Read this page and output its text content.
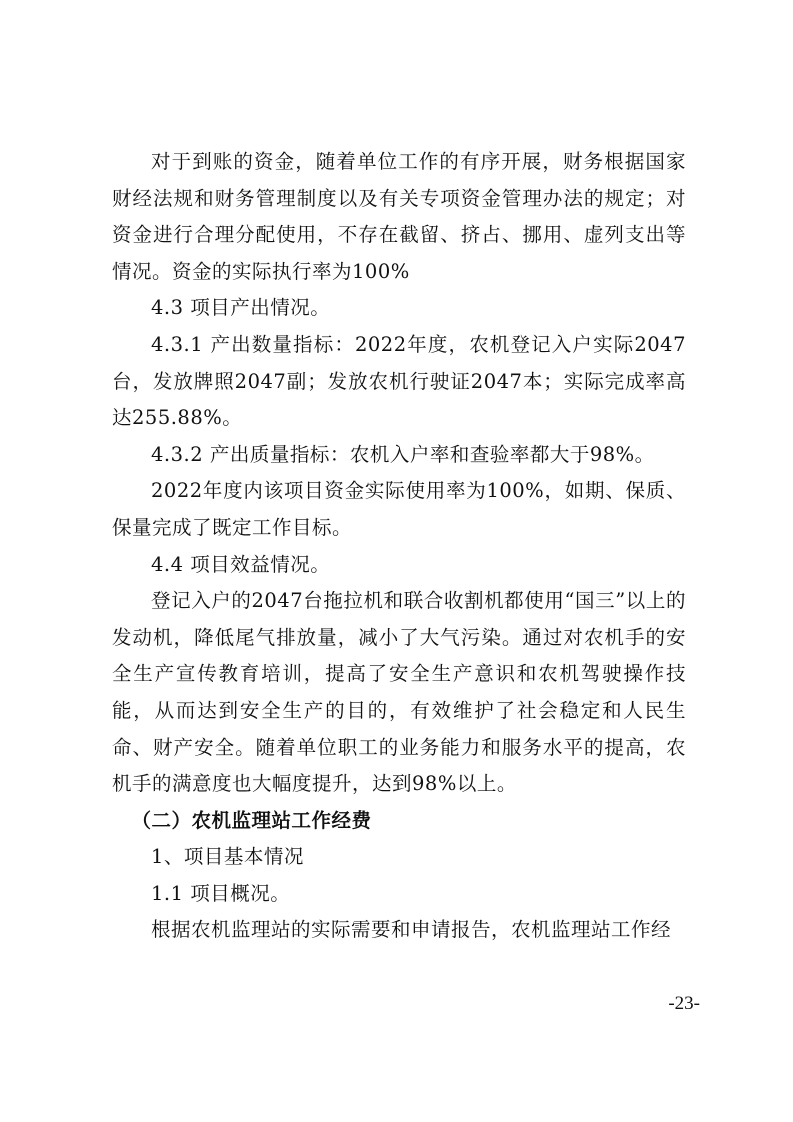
对于到账的资金，随着单位工作的有序开展，财务根据国家财经法规和财务管理制度以及有关专项资金管理办法的规定；对资金进行合理分配使用，不存在截留、挤占、挪用、虚列支出等情况。资金的实际执行率为100%

4.3 项目产出情况。

4.3.1 产出数量指标：2022年度，农机登记入户实际2047台，发放牌照2047副；发放农机行驶证2047本；实际完成率高达255.88%。

4.3.2 产出质量指标：农机入户率和查验率都大于98%。

2022年度内该项目资金实际使用率为100%，如期、保质、保量完成了既定工作目标。

4.4 项目效益情况。

登记入户的2047台拖拉机和联合收割机都使用“国三”以上的发动机，降低尾气排放量，减小了大气污染。通过对农机手的安全生产宣传教育培训，提高了安全生产意识和农机驾驶操作技能，从而达到安全生产的目的，有效维护了社会稳定和人民生命、财产安全。随着单位职工的业务能力和服务水平的提高，农机手的满意度也大幅度提升，达到98%以上。

（二）农机监理站工作经费

1、项目基本情况

1.1 项目概况。

根据农机监理站的实际需要和申请报告，农机监理站工作经

-23-
